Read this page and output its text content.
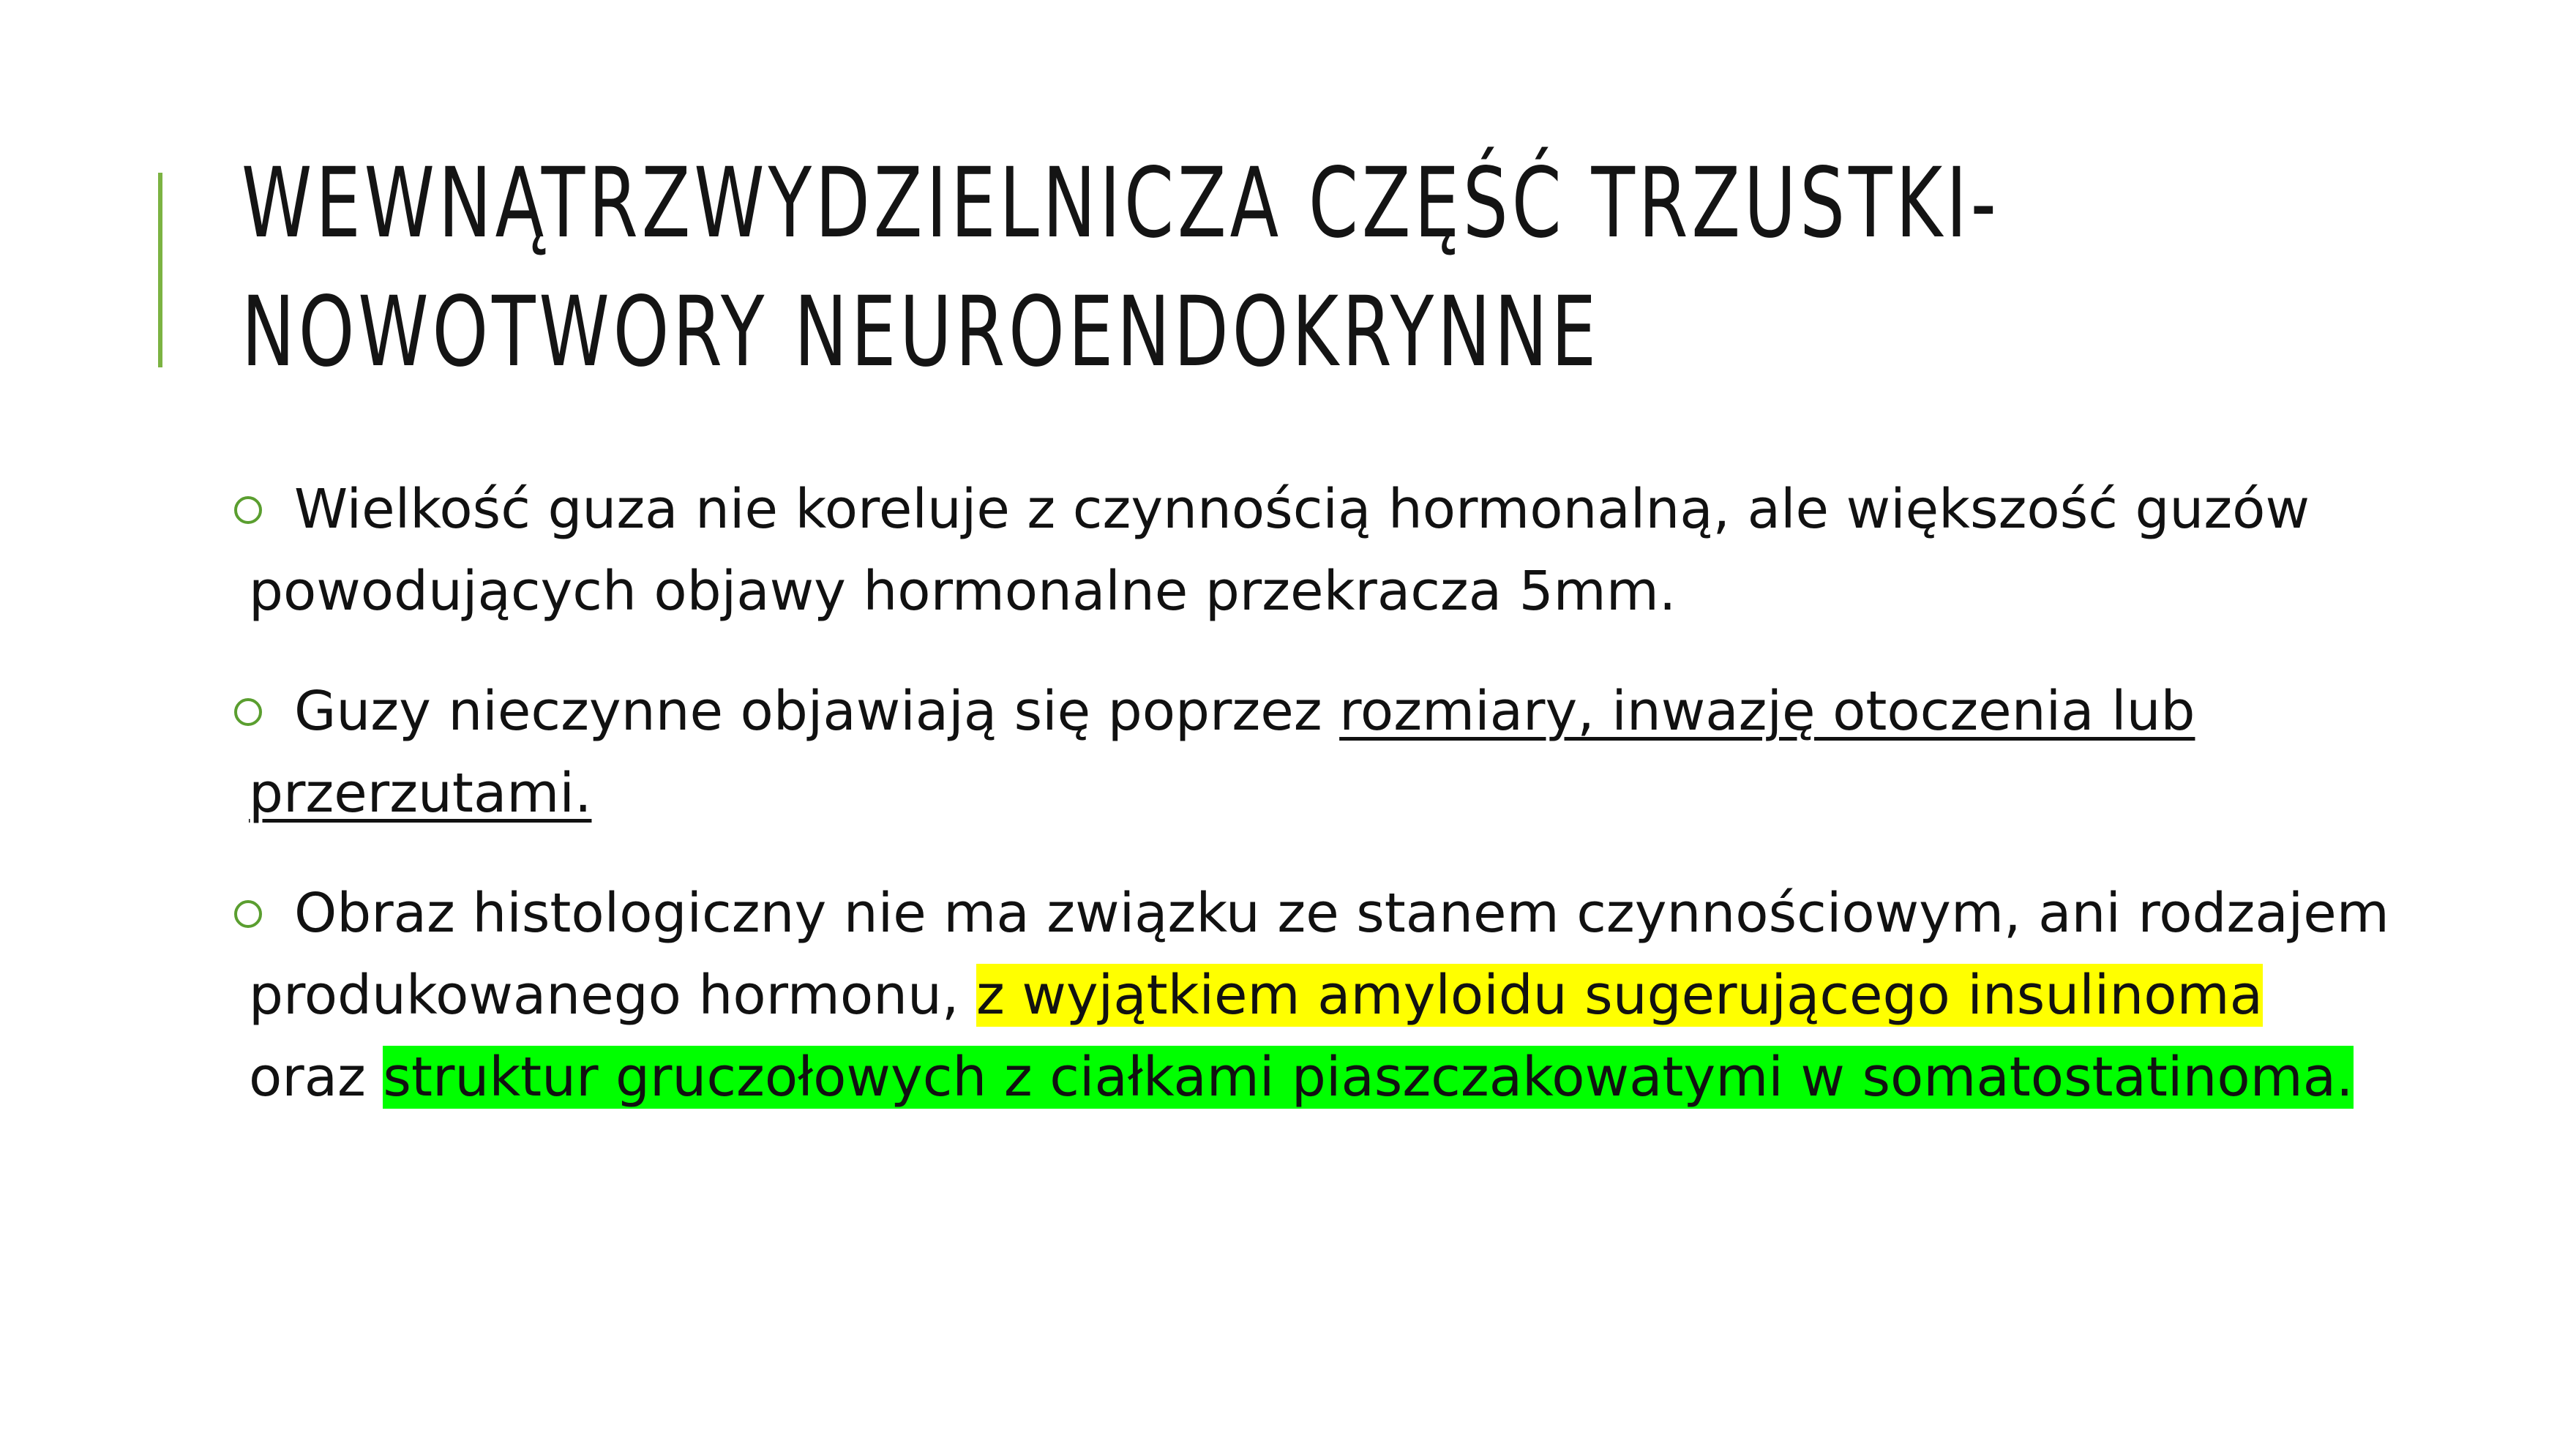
WEWNĄTRZWYDZIELNICZA CZĘŚĆ TRZUSTKI-
NOWOTWORY NEUROENDOKRYNNE
Wielkość guza nie koreluje z czynnością hormonalną, ale większość guzów powodujących objawy hormonalne przekracza 5mm.
Guzy nieczynne objawiają się poprzez rozmiary, inwazję otoczenia lub przerzutami.
Obraz histologiczny nie ma związku ze stanem czynnościowym, ani rodzajem produkowanego hormonu, z wyjątkiem amyloidu sugerującego insulinoma oraz struktur gruczołowych z ciałkami piaszczakowatymi w somatostatinoma.
